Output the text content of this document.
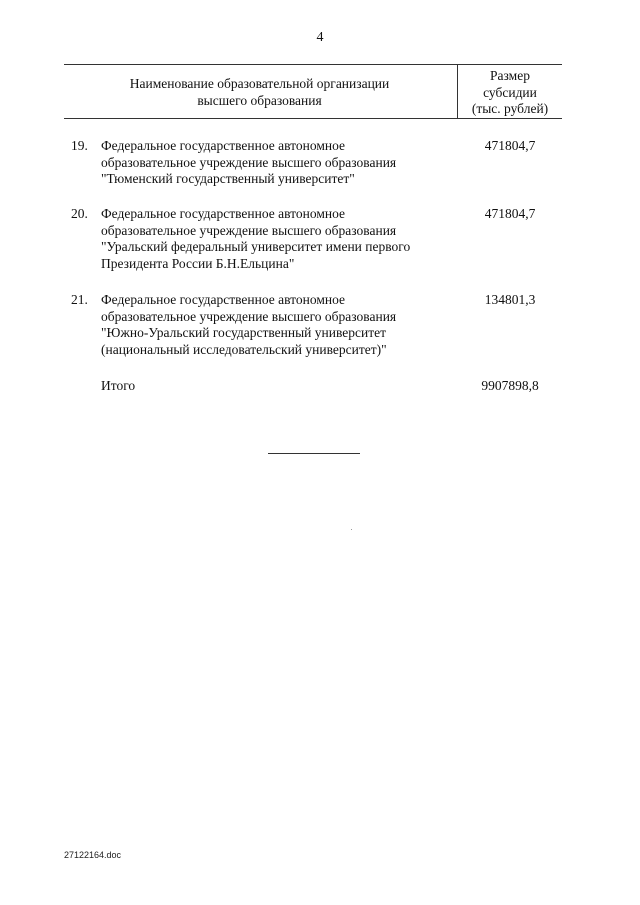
4
Наименование образовательной организации
высшего образования
Размер
субсидии
(тыс. рублей)
19. Федеральное государственное автономное
образовательное учреждение высшего образования
"Тюменский государственный университет"
471804,7
20. Федеральное государственное автономное
образовательное учреждение высшего образования
"Уральский федеральный университет имени первого
Президента России Б.Н.Ельцина"
471804,7
21. Федеральное государственное автономное
образовательное учреждение высшего образования
"Южно-Уральский государственный университет
(национальный исследовательский университет)"
134801,3
Итого	9907898,8
27122164.doc
